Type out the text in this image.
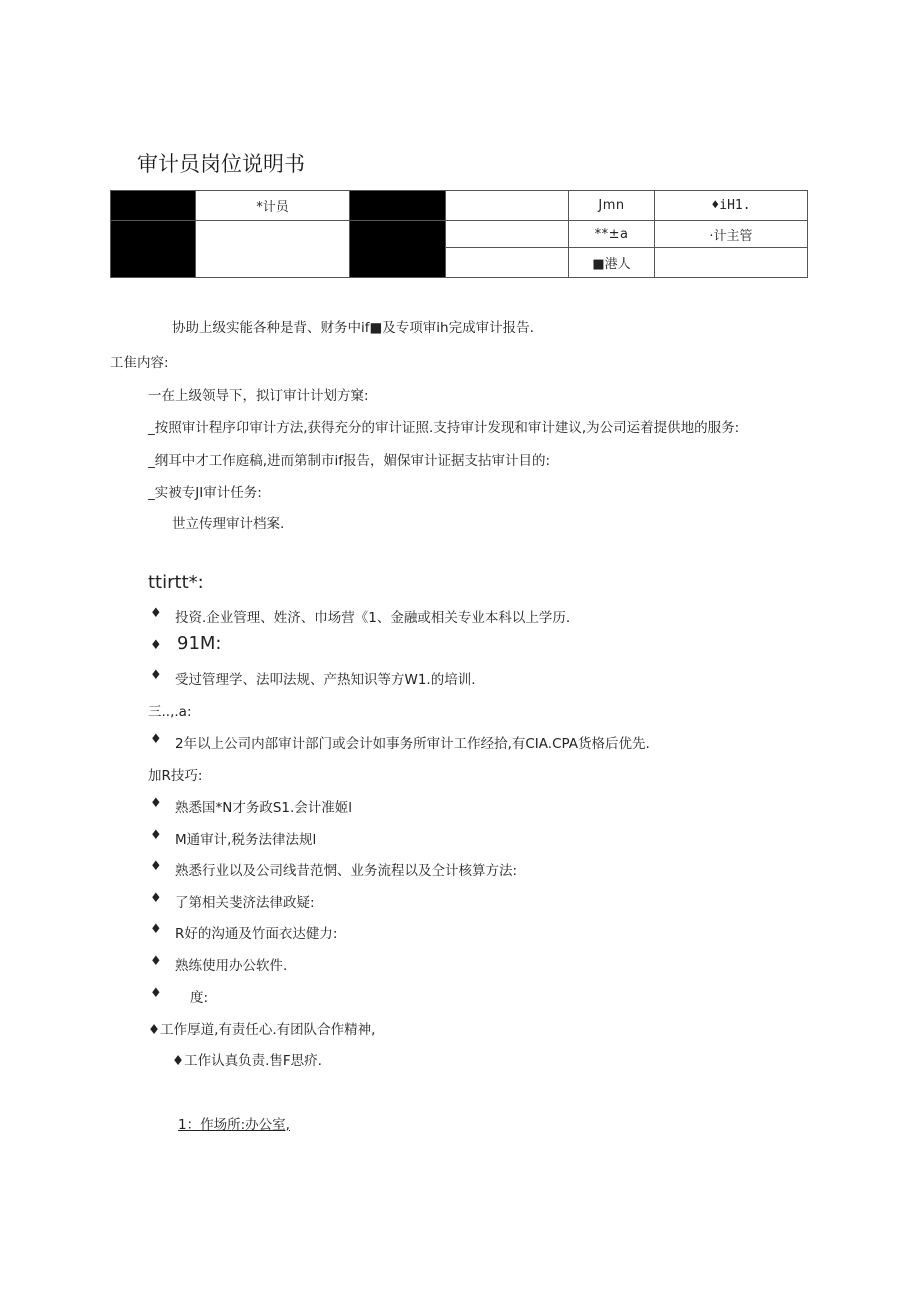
审计员岗位说明书
	*计员			Jmn	♦iH1.
				**±a	·计主管
				■港人	
协助上级实能各种是背、财务中if■及专项审ih完成审计报告.
工隹内容:
一在上级领导下，拟订审计计划方窠:
_按照审计程序卬审计方法,获得充分的审计证照.支持审计发现和审计建议,为公司运着提供地的服务:
_纲耳中才工作庭稿,进而第制市if报告，媚保审计证据支拈审计目的:
_实被专JI审计任务:
世立传理审计档案.
ttirtt*:
♦ 投资.企业管理、姓济、巾场营《1、金融或相关专业本科以上学历.
♦ 91M:
♦ 受过管理学、法叩法规、产热知识等方W1.的培训.
三..,.a:
♦ 2年以上公司内部审计部门或会计如事务所审计工作经拾,有CIA.CPA货格后优先.
加R技巧:
♦ 熟悉国*N才务政S1.会计准姬l
♦ M通审计,税务法律法规l
♦ 熟悉行业以及公司线昔范惘、业务流程以及仝计核算方法:
♦ 了第相关斐济法律政疑:
♦ R好的沟通及竹面衣达健力:
♦ 熟练使用办公软件.
♦ 度:
♦工作厚道,有责任心.有团队合作精神,
♦工作认真负责.售F思疥.
1：作场所:办公室,
